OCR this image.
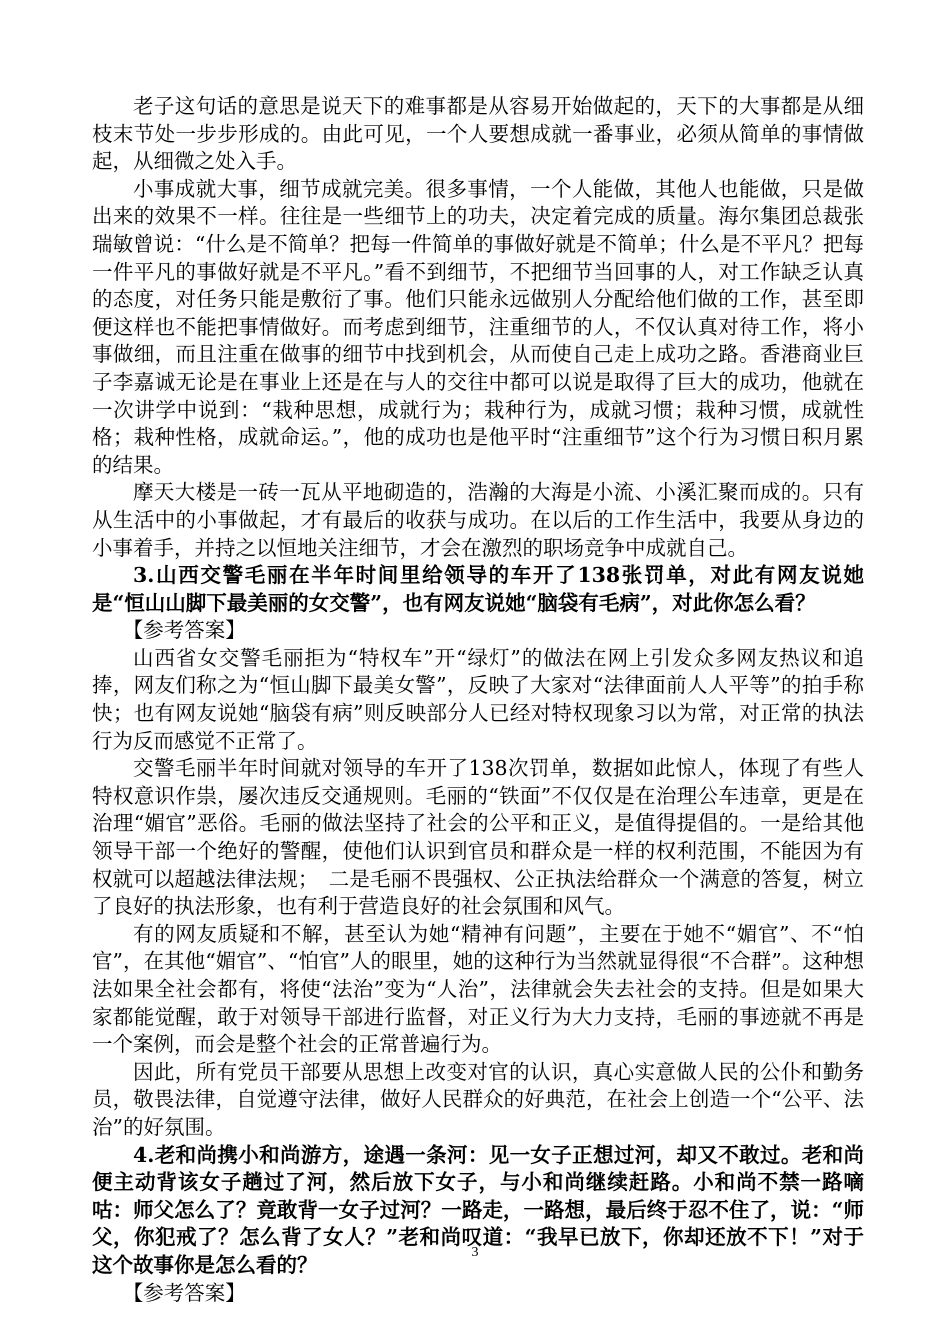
老子这句话的意思是说天下的难事都是从容易开始做起的，天下的大事都是从细枝末节处一步步形成的。由此可见，一个人要想成就一番事业，必须从简单的事情做起，从细微之处入手。

小事成就大事，细节成就完美。很多事情，一个人能做，其他人也能做，只是做出来的效果不一样。往往是一些细节上的功夫，决定着完成的质量。海尔集团总裁张瑞敏曾说：“什么是不简单？把每一件简单的事做好就是不简单；什么是不平凡？把每一件平凡的事做好就是不平凡。”看不到细节，不把细节当回事的人，对工作缺乏认真的态度，对任务只能是敷衍了事。他们只能永远做别人分配给他们做的工作，甚至即便这样也不能把事情做好。而考虑到细节，注重细节的人，不仅认真对待工作，将小事做细，而且注重在做事的细节中找到机会，从而使自己走上成功之路。香港商业巨子李嘉诚无论是在事业上还是在与人的交往中都可以说是取得了巨大的成功，他就在一次讲学中说到：“栽种思想，成就行为；栽种行为，成就习惯；栽种习惯，成就性格；栽种性格，成就命运。”，他的成功也是他平时“注重细节”这个行为习惯日积月累的结果。

摩天大楼是一砖一瓦从平地砌造的，浩瀚的大海是小流、小溪汇聚而成的。只有从生活中的小事做起，才有最后的收获与成功。在以后的工作生活中，我要从身边的小事着手，并持之以恒地关注细节，才会在激烈的职场竞争中成就自己。

3.山西交警毛丽在半年时间里给领导的车开了138张罚单，对此有网友说她是“恒山山脚下最美丽的女交警”，也有网友说她“脑袋有毛病”，对此你怎么看？

【参考答案】

山西省女交警毛丽拒为“特权车”开“绿灯”的做法在网上引发众多网友热议和追捧，网友们称之为“恒山脚下最美女警”，反映了大家对“法律面前人人平等”的拍手称快；也有网友说她“脑袋有病”则反映部分人已经对特权现象习以为常，对正常的执法行为反而感觉不正常了。

交警毛丽半年时间就对领导的车开了138次罚单，数据如此惊人，体现了有些人特权意识作祟，屡次违反交通规则。毛丽的“铁面”不仅仅是在治理公车违章，更是在治理“媚官”恶俗。毛丽的做法坚持了社会的公平和正义，是值得提倡的。一是给其他领导干部一个绝好的警醒，使他们认识到官员和群众是一样的权利范围，不能因为有权就可以超越法律法规；　二是毛丽不畏强权、公正执法给群众一个满意的答复，树立了良好的执法形象，也有利于营造良好的社会氛围和风气。

有的网友质疑和不解，甚至认为她“精神有问题”，主要在于她不“媚官”、不“怕官”，在其他“媚官”、“怕官”人的眼里，她的这种行为当然就显得很“不合群”。这种想法如果全社会都有，将使“法治”变为“人治”，法律就会失去社会的支持。但是如果大家都能觉醒，敢于对领导干部进行监督，对正义行为大力支持，毛丽的事迹就不再是一个案例，而会是整个社会的正常普遍行为。

因此，所有党员干部要从思想上改变对官的认识，真心实意做人民的公仆和勤务员，敬畏法律，自觉遵守法律，做好人民群众的好典范，在社会上创造一个“公平、法治”的好氛围。

4.老和尚携小和尚游方，途遇一条河：见一女子正想过河，却又不敢过。老和尚便主动背该女子趟过了河，然后放下女子，与小和尚继续赶路。小和尚不禁一路嘀咕：师父怎么了？竟敢背一女子过河？一路走，一路想，最后终于忍不住了，说：“师父，你犯戒了？怎么背了女人？”老和尚叹道：“我早已放下，你却还放不下！”对于这个故事你是怎么看的？

【参考答案】

3
